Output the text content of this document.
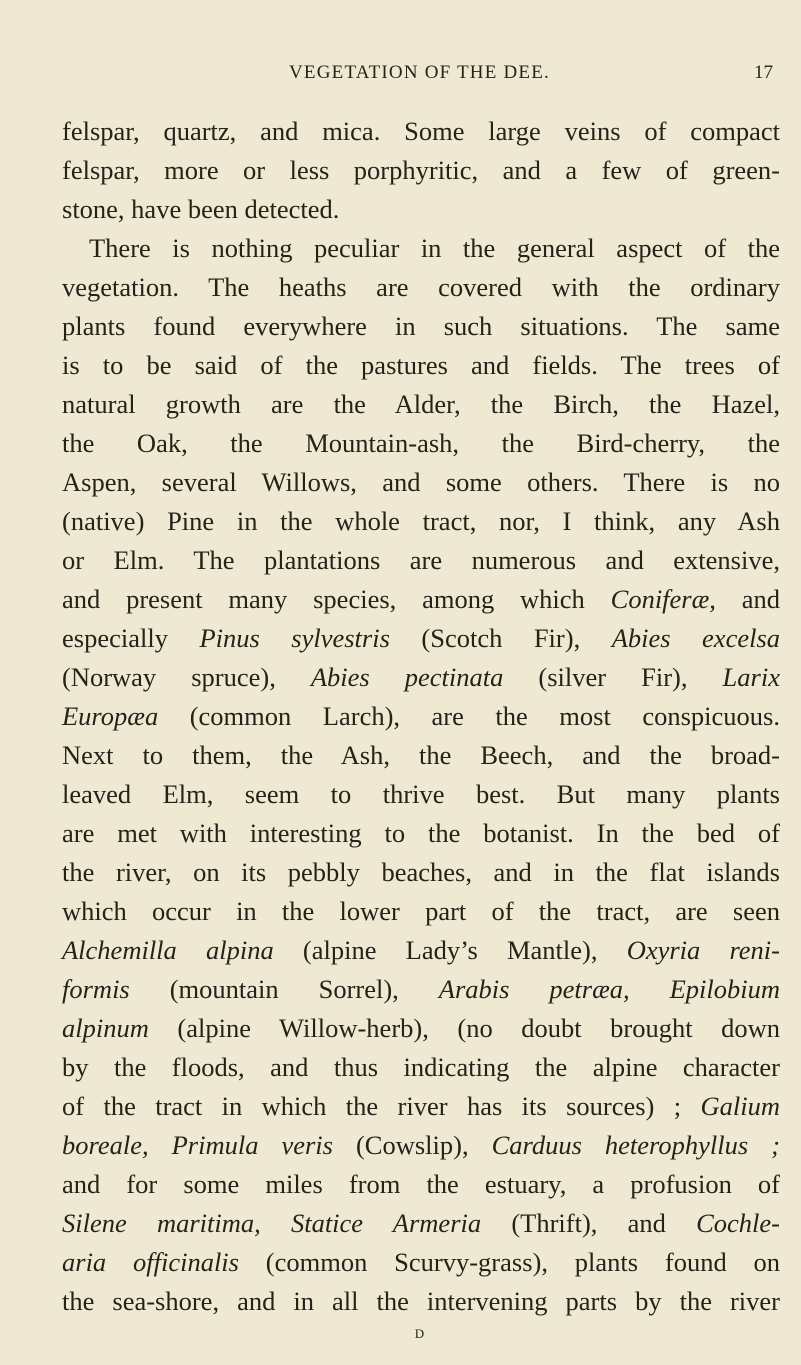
VEGETATION OF THE DEE.	17
felspar, quartz, and mica. Some large veins of compact
felspar, more or less porphyritic, and a few of green-
stone, have been detected.
There is nothing peculiar in the general aspect of the
vegetation. The heaths are covered with the ordinary
plants found everywhere in such situations. The same
is to be said of the pastures and fields. The trees of
natural growth are the Alder, the Birch, the Hazel,
the Oak, the Mountain-ash, the Bird-cherry, the
Aspen, several Willows, and some others. There is no
(native) Pine in the whole tract, nor, I think, any Ash
or Elm. The plantations are numerous and extensive,
and present many species, among which Coniferæ, and
especially Pinus sylvestris (Scotch Fir), Abies excelsa
(Norway spruce), Abies pectinata (silver Fir), Larix
Europæa (common Larch), are the most conspicuous.
Next to them, the Ash, the Beech, and the broad-
leaved Elm, seem to thrive best. But many plants
are met with interesting to the botanist. In the bed of
the river, on its pebbly beaches, and in the flat islands
which occur in the lower part of the tract, are seen
Alchemilla alpina (alpine Lady’s Mantle), Oxyria reni-
formis (mountain Sorrel), Arabis petræa, Epilobium
alpinum (alpine Willow-herb), (no doubt brought down
by the floods, and thus indicating the alpine character
of the tract in which the river has its sources) ; Galium
boreale, Primula veris (Cowslip), Carduus heterophyllus ;
and for some miles from the estuary, a profusion of
Silene maritima, Statice Armeria (Thrift), and Cochle-
aria officinalis (common Scurvy-grass), plants found on
the sea-shore, and in all the intervening parts by the river
D
